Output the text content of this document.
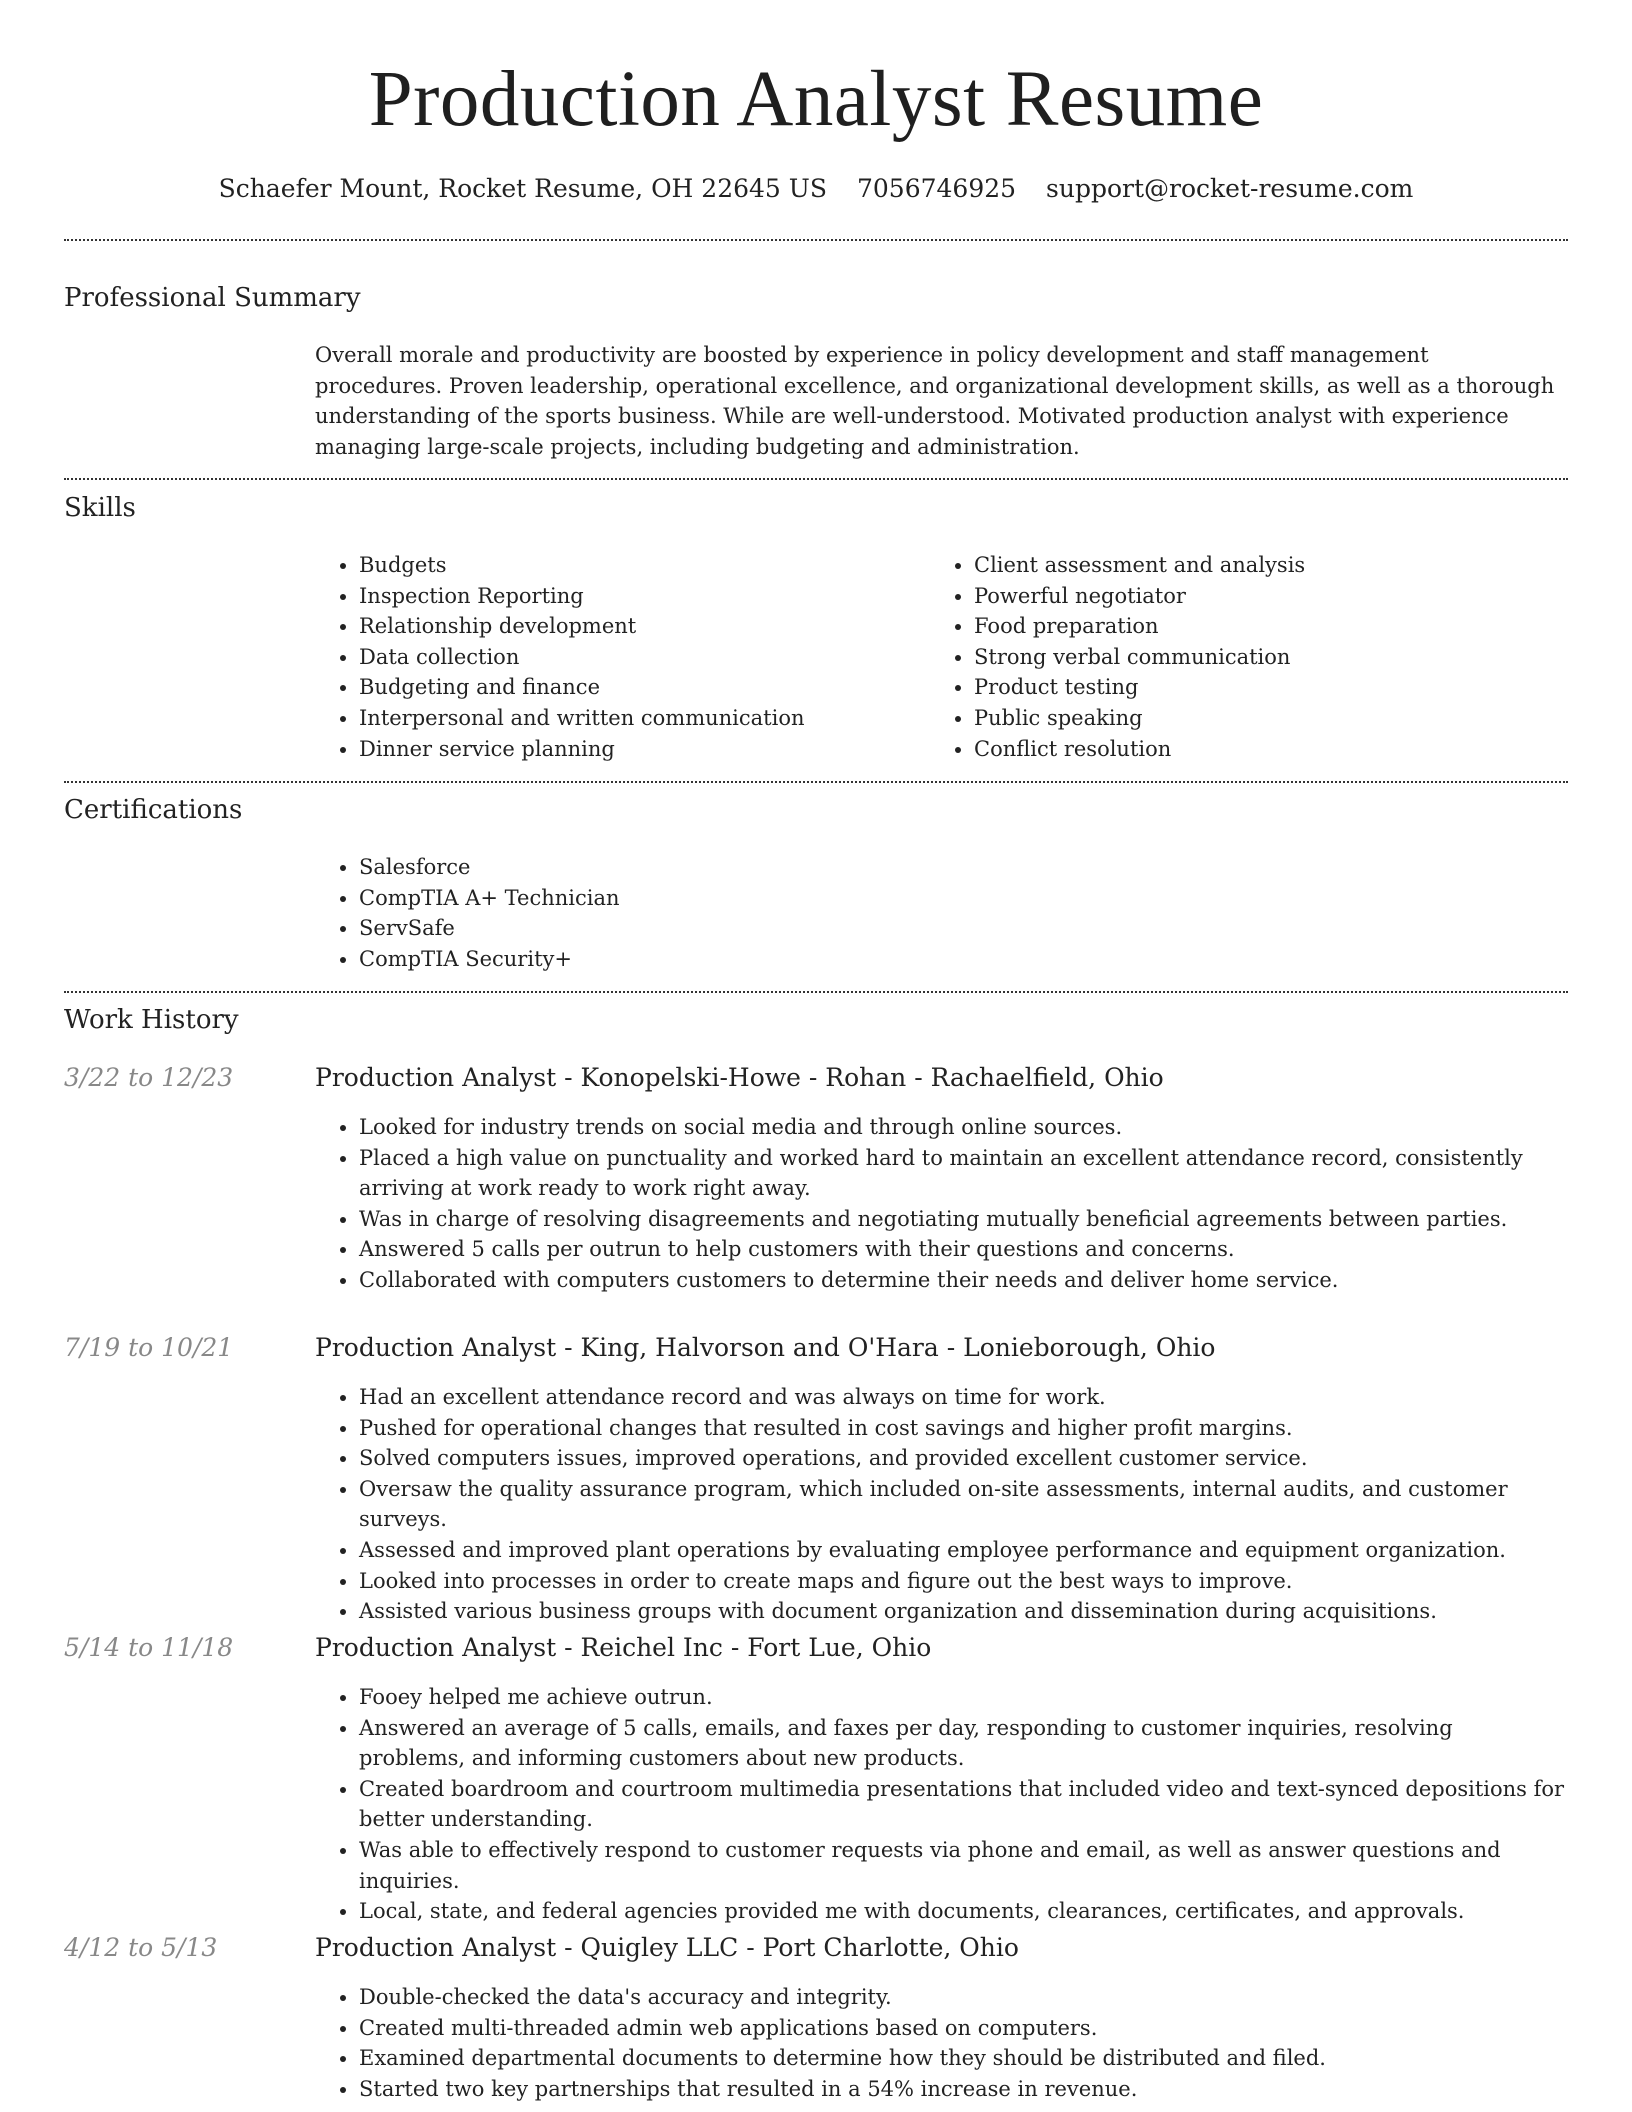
Production Analyst Resume
Schaefer Mount, Rocket Resume, OH 22645 US 7056746925 support@rocket-resume.com
Professional Summary
Overall morale and productivity are boosted by experience in policy development and staff management procedures. Proven leadership, operational excellence, and organizational development skills, as well as a thorough understanding of the sports business. While are well-understood. Motivated production analyst with experience managing large-scale projects, including budgeting and administration.
Skills
• Budgets
• Inspection Reporting
• Relationship development
• Data collection
• Budgeting and finance
• Interpersonal and written communication
• Dinner service planning
• Client assessment and analysis
• Powerful negotiator
• Food preparation
• Strong verbal communication
• Product testing
• Public speaking
• Conflict resolution
Certifications
• Salesforce
• CompTIA A+ Technician
• ServSafe
• CompTIA Security+
Work History
3/22 to 12/23	Production Analyst - Konopelski-Howe - Rohan - Rachaelfield, Ohio
• Looked for industry trends on social media and through online sources.
• Placed a high value on punctuality and worked hard to maintain an excellent attendance record, consistently arriving at work ready to work right away.
• Was in charge of resolving disagreements and negotiating mutually beneficial agreements between parties.
• Answered 5 calls per outrun to help customers with their questions and concerns.
• Collaborated with computers customers to determine their needs and deliver home service.
7/19 to 10/21	Production Analyst - King, Halvorson and O'Hara - Lonieborough, Ohio
• Had an excellent attendance record and was always on time for work.
• Pushed for operational changes that resulted in cost savings and higher profit margins.
• Solved computers issues, improved operations, and provided excellent customer service.
• Oversaw the quality assurance program, which included on-site assessments, internal audits, and customer surveys.
• Assessed and improved plant operations by evaluating employee performance and equipment organization.
• Looked into processes in order to create maps and figure out the best ways to improve.
• Assisted various business groups with document organization and dissemination during acquisitions.
5/14 to 11/18	Production Analyst - Reichel Inc - Fort Lue, Ohio
• Fooey helped me achieve outrun.
• Answered an average of 5 calls, emails, and faxes per day, responding to customer inquiries, resolving problems, and informing customers about new products.
• Created boardroom and courtroom multimedia presentations that included video and text-synced depositions for better understanding.
• Was able to effectively respond to customer requests via phone and email, as well as answer questions and inquiries.
• Local, state, and federal agencies provided me with documents, clearances, certificates, and approvals.
4/12 to 5/13	Production Analyst - Quigley LLC - Port Charlotte, Ohio
• Double-checked the data's accuracy and integrity.
• Created multi-threaded admin web applications based on computers.
• Examined departmental documents to determine how they should be distributed and filed.
• Started two key partnerships that resulted in a 54% increase in revenue.
